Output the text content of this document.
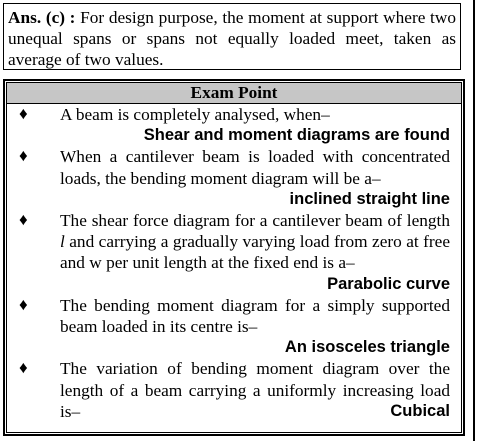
Ans. (c) : For design purpose, the moment at support where two unequal spans or spans not equally loaded meet, taken as average of two values.
Exam Point
♦ A beam is completely analysed, when–
Shear and moment diagrams are found
♦ When a cantilever beam is loaded with concentrated loads, the bending moment diagram will be a–
inclined straight line
♦ The shear force diagram for a cantilever beam of length l and carrying a gradually varying load from zero at free and w per unit length at the fixed end is a–
Parabolic curve
♦ The bending moment diagram for a simply supported beam loaded in its centre is–
An isosceles triangle
♦ The variation of bending moment diagram over the length of a beam carrying a uniformly increasing load is–	Cubical
